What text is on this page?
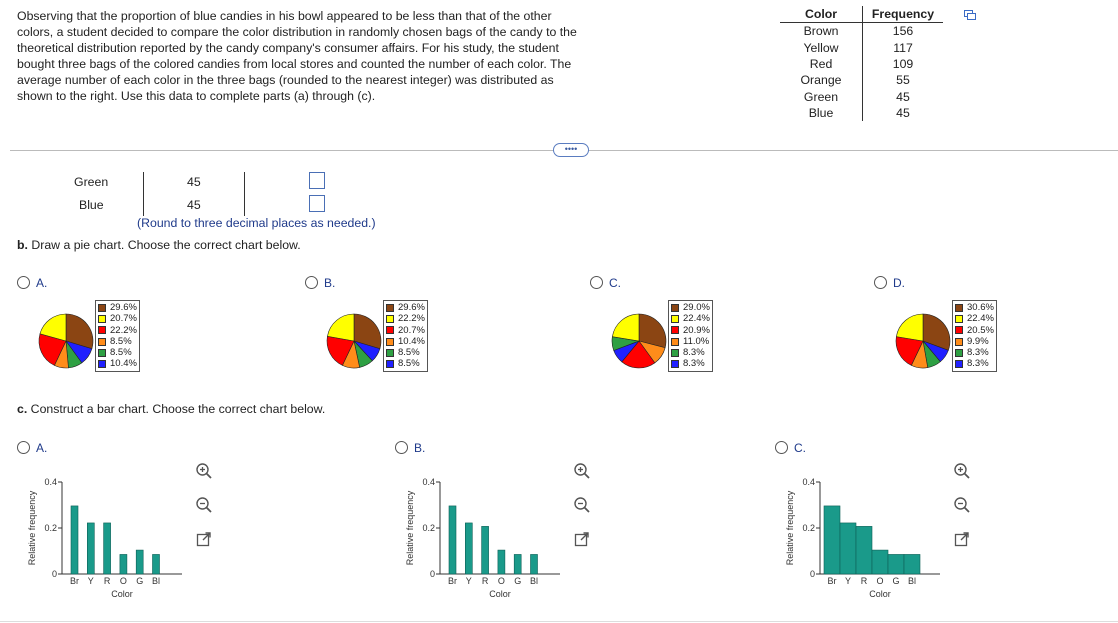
Observing that the proportion of blue candies in his bowl appeared to be less than that of the other colors, a student decided to compare the color distribution in randomly chosen bags of the candy to the theoretical distribution reported by the candy company's consumer affairs. For his study, the student bought three bags of the colored candies from local stores and counted the number of each color. The average number of each color in the three bags (rounded to the nearest integer) was distributed as shown to the right. Use this data to complete parts (a) through (c).
Color	Frequency
Brown	156
Yellow	117
Red	109
Orange	55
Green	45
Blue	45
••••
Green	45
Blue	45
(Round to three decimal places as needed.)
b. Draw a pie chart. Choose the correct chart below.
A.
29.6%
20.7%
22.2%
8.5%
8.5%
10.4%
B.
29.6%
22.2%
20.7%
10.4%
8.5%
8.5%
C.
29.0%
22.4%
20.9%
11.0%
8.3%
8.3%
D.
30.6%
22.4%
20.5%
9.9%
8.3%
8.3%
c. Construct a bar chart. Choose the correct chart below.
A.
Relative frequency
0.4
0.2
0
Br Y R O G Bl
Color
B.
Relative frequency
0.4
0.2
0
Br Y R O G Bl
Color
C.
Relative frequency
0.4
0.2
0
Br Y R O G Bl
Color
